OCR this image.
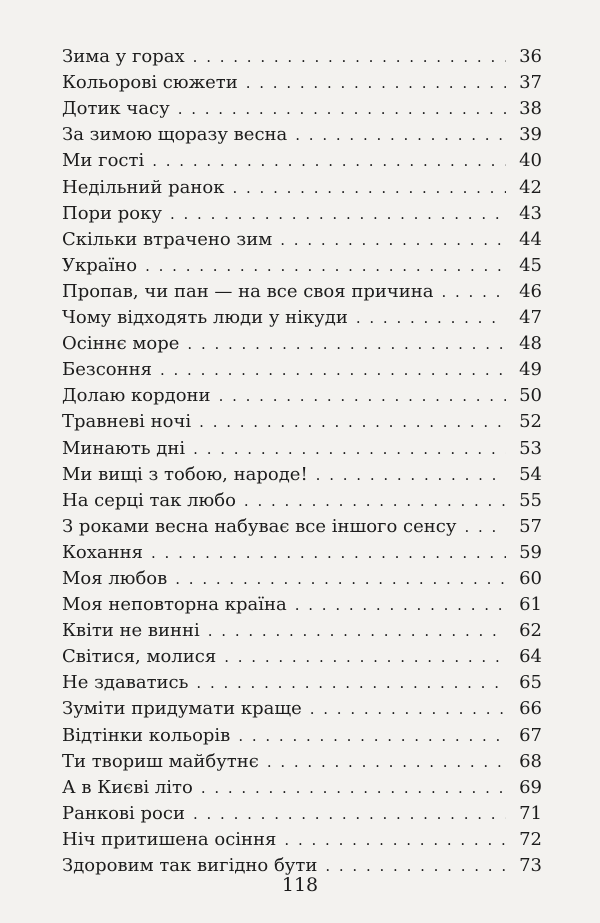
Зима у горах . . .	36
Кольорові сюжети . . .	37
Дотик часу . . .	38
За зимою щоразу весна . . .	39
Ми гості . . .	40
Недільний ранок . . .	42
Пори року . . .	43
Скільки втрачено зим . . .	44
Україно . . .	45
Пропав, чи пан — на все своя причина . . .	46
Чому відходять люди у нікуди . . .	47
Осіннє море . . .	48
Безсоння . . .	49
Долаю кордони . . .	50
Травневі ночі . . .	52
Минають дні . . .	53
Ми вищі з тобою, народе! . . .	54
На серці так любо . . .	55
З роками весна набуває все іншого сенсу . . .	57
Кохання . . .	59
Моя любов . . .	60
Моя неповторна країна . . .	61
Квіти не винні . . .	62
Світися, молися . . .	64
Не здаватись . . .	65
Зуміти придумати краще . . .	66
Відтінки кольорів . . .	67
Ти твориш майбутнє . . .	68
А в Києві літо . . .	69
Ранкові роси . . .	71
Ніч притишена осіння . . .	72
Здоровим так вигідно бути . . .	73
118
